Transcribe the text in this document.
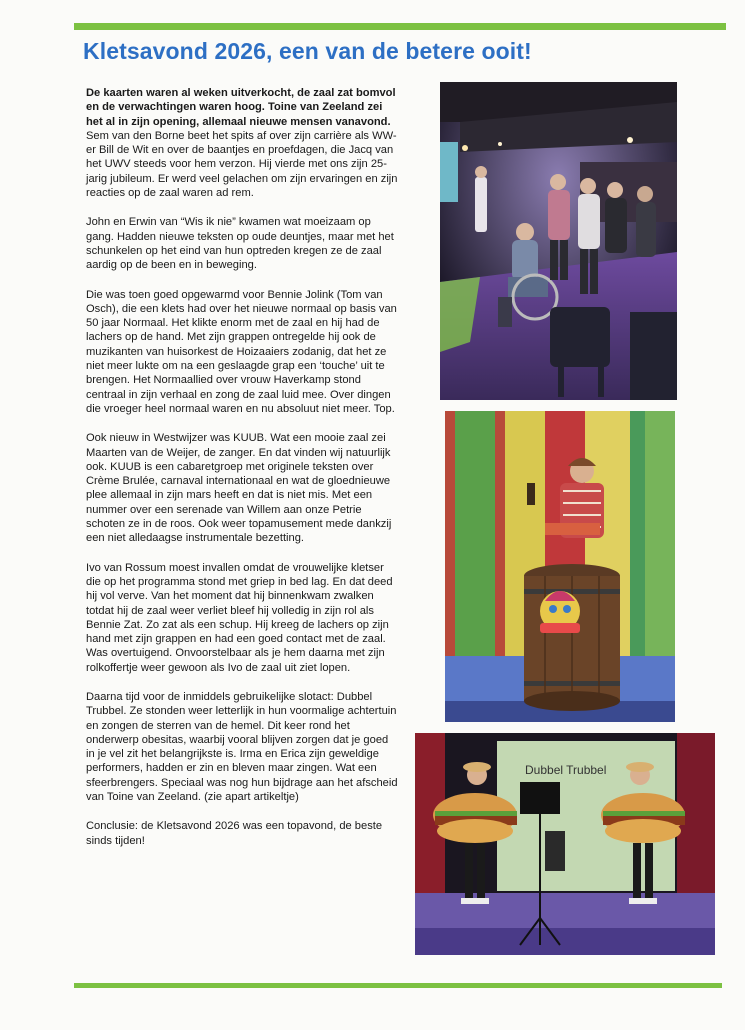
Kletsavond 2026, een van de betere ooit!

De kaarten waren al weken uitverkocht, de zaal zat bomvol en de verwachtingen waren hoog. Toine van Zeeland zei het al in zijn opening, allemaal nieuwe mensen vanavond. Sem van den Borne beet het spits af over zijn carrière als WW-er Bill de Wit en over de baantjes en proefdagen, die Jacq van het UWV steeds voor hem verzon. Hij vierde met ons zijn 25-jarig jubileum. Er werd veel gelachen om zijn ervaringen en zijn reacties op de zaal waren ad rem.

John en Erwin van “Wis ik nie” kwamen wat moeizaam op gang. Hadden nieuwe teksten op oude deuntjes, maar met het schunkelen op het eind van hun optreden kregen ze de zaal aardig op de been en in beweging.

Die was toen goed opgewarmd voor Bennie Jolink (Tom van Osch), die een klets had over het nieuwe normaal op basis van 50 jaar Normaal. Het klikte enorm met de zaal en hij had de lachers op de hand. Met zijn grappen ontregelde hij ook de muzikanten van huisorkest de Hoizaaiers zodanig, dat het ze niet meer lukte om na een geslaagde grap een ‘touche’ uit te brengen. Het Normaallied over vrouw Haverkamp stond centraal in zijn verhaal en zong de zaal luid mee. Over dingen die vroeger heel normaal waren en nu absoluut niet meer. Top.

Ook nieuw in Westwijzer was KUUB. Wat een mooie zaal zei Maarten van de Weijer, de zanger. En dat vinden wij natuurlijk ook. KUUB is een cabaretgroep met originele teksten over Crème Brulée, carnaval internationaal en wat de gloednieuwe plee allemaal in zijn mars heeft en dat is niet mis. Met een nummer over een serenade van Willem aan onze Petrie schoten ze in de roos. Ook weer topamusement mede dankzij een niet alledaagse instrumentale bezetting.

Ivo van Rossum moest invallen omdat de vrouwelijke kletser die op het programma stond met griep in bed lag. En dat deed hij vol verve. Van het moment dat hij binnenkwam zwalken totdat hij de zaal weer verliet bleef hij volledig in zijn rol als Bennie Zat. Zo zat als een schup. Hij kreeg de lachers op zijn hand met zijn grappen en had een goed contact met de zaal. Was overtuigend. Onvoorstelbaar als je hem daarna met zijn rolkoffertje weer gewoon als Ivo de zaal uit ziet lopen.

Daarna tijd voor de inmiddels gebruikelijke slotact: Dubbel Trubbel. Ze stonden weer letterlijk in hun voormalige achtertuin en zongen de sterren van de hemel. Dit keer rond het onderwerp obesitas, waarbij vooral blijven zorgen dat je goed in je vel zit het belangrijkste is. Irma en Erica zijn geweldige performers, hadden er zin en bleven maar zingen. Wat een sfeerbrengers. Speciaal was nog hun bijdrage aan het afscheid van Toine van Zeeland. (zie apart artikeltje)

Conclusie: de Kletsavond 2026 was een topavond, de beste sinds tijden!

Dubbel Trubbel
